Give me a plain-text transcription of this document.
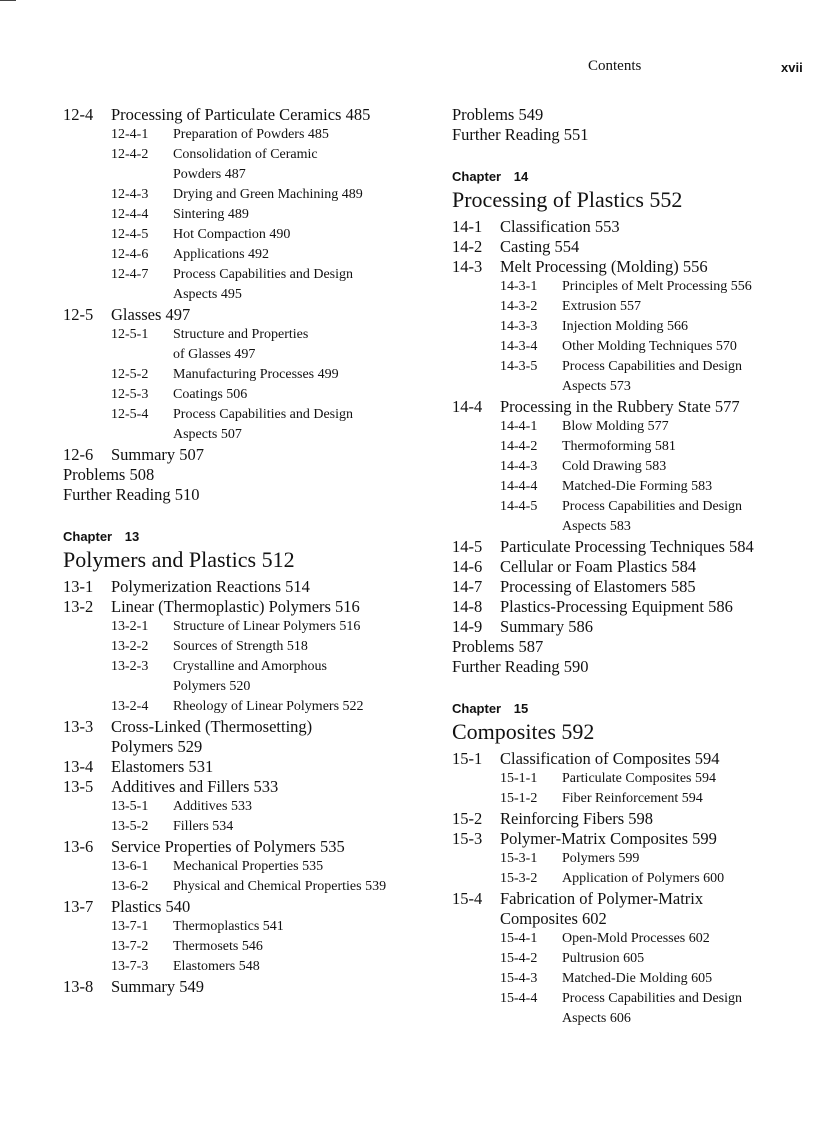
Contents	xvii
12-4 Processing of Particulate Ceramics 485
12-4-1 Preparation of Powders 485
12-4-2 Consolidation of Ceramic
Powders 487
12-4-3 Drying and Green Machining 489
12-4-4 Sintering 489
12-4-5 Hot Compaction 490
12-4-6 Applications 492
12-4-7 Process Capabilities and Design
Aspects 495
12-5 Glasses 497
12-5-1 Structure and Properties
of Glasses 497
12-5-2 Manufacturing Processes 499
12-5-3 Coatings 506
12-5-4 Process Capabilities and Design
Aspects 507
12-6 Summary 507
Problems 508
Further Reading 510
Chapter 13
Polymers and Plastics 512
13-1 Polymerization Reactions 514
13-2 Linear (Thermoplastic) Polymers 516
13-2-1 Structure of Linear Polymers 516
13-2-2 Sources of Strength 518
13-2-3 Crystalline and Amorphous
Polymers 520
13-2-4 Rheology of Linear Polymers 522
13-3 Cross-Linked (Thermosetting)
Polymers 529
13-4 Elastomers 531
13-5 Additives and Fillers 533
13-5-1 Additives 533
13-5-2 Fillers 534
13-6 Service Properties of Polymers 535
13-6-1 Mechanical Properties 535
13-6-2 Physical and Chemical Properties 539
13-7 Plastics 540
13-7-1 Thermoplastics 541
13-7-2 Thermosets 546
13-7-3 Elastomers 548
13-8 Summary 549
Problems 549
Further Reading 551
Chapter 14
Processing of Plastics 552
14-1 Classification 553
14-2 Casting 554
14-3 Melt Processing (Molding) 556
14-3-1 Principles of Melt Processing 556
14-3-2 Extrusion 557
14-3-3 Injection Molding 566
14-3-4 Other Molding Techniques 570
14-3-5 Process Capabilities and Design
Aspects 573
14-4 Processing in the Rubbery State 577
14-4-1 Blow Molding 577
14-4-2 Thermoforming 581
14-4-3 Cold Drawing 583
14-4-4 Matched-Die Forming 583
14-4-5 Process Capabilities and Design
Aspects 583
14-5 Particulate Processing Techniques 584
14-6 Cellular or Foam Plastics 584
14-7 Processing of Elastomers 585
14-8 Plastics-Processing Equipment 586
14-9 Summary 586
Problems 587
Further Reading 590
Chapter 15
Composites 592
15-1 Classification of Composites 594
15-1-1 Particulate Composites 594
15-1-2 Fiber Reinforcement 594
15-2 Reinforcing Fibers 598
15-3 Polymer-Matrix Composites 599
15-3-1 Polymers 599
15-3-2 Application of Polymers 600
15-4 Fabrication of Polymer-Matrix
Composites 602
15-4-1 Open-Mold Processes 602
15-4-2 Pultrusion 605
15-4-3 Matched-Die Molding 605
15-4-4 Process Capabilities and Design
Aspects 606
